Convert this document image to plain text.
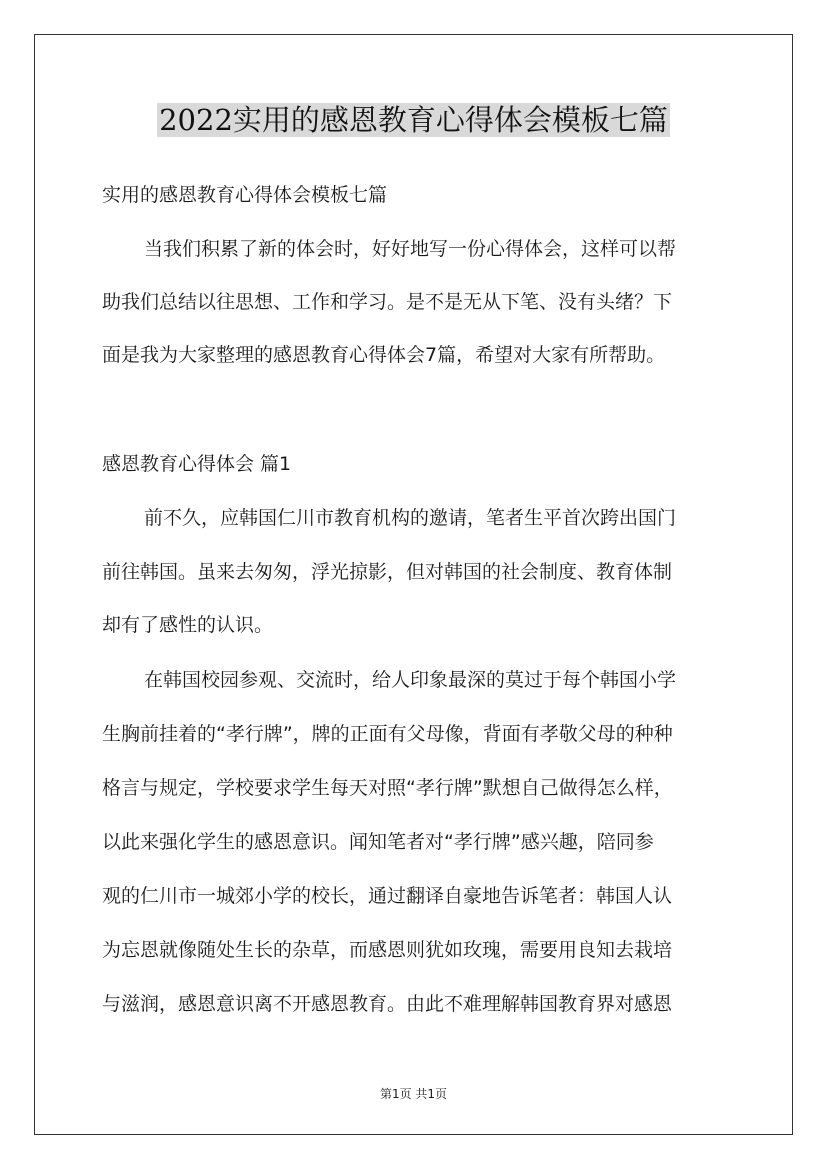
2022实用的感恩教育心得体会模板七篇
实用的感恩教育心得体会模板七篇
当我们积累了新的体会时，好好地写一份心得体会，这样可以帮
助我们总结以往思想、工作和学习。是不是无从下笔、没有头绪？下
面是我为大家整理的感恩教育心得体会7篇，希望对大家有所帮助。
感恩教育心得体会 篇1
前不久，应韩国仁川市教育机构的邀请，笔者生平首次跨出国门
前往韩国。虽来去匆匆，浮光掠影，但对韩国的社会制度、教育体制
却有了感性的认识。
在韩国校园参观、交流时，给人印象最深的莫过于每个韩国小学
生胸前挂着的“孝行牌”，牌的正面有父母像，背面有孝敬父母的种种
格言与规定，学校要求学生每天对照“孝行牌”默想自己做得怎么样，
以此来强化学生的感恩意识。闻知笔者对“孝行牌”感兴趣，陪同参
观的仁川市一城郊小学的校长，通过翻译自豪地告诉笔者：韩国人认
为忘恩就像随处生长的杂草，而感恩则犹如玫瑰，需要用良知去栽培
与滋润，感恩意识离不开感恩教育。由此不难理解韩国教育界对感恩
第1页 共1页
